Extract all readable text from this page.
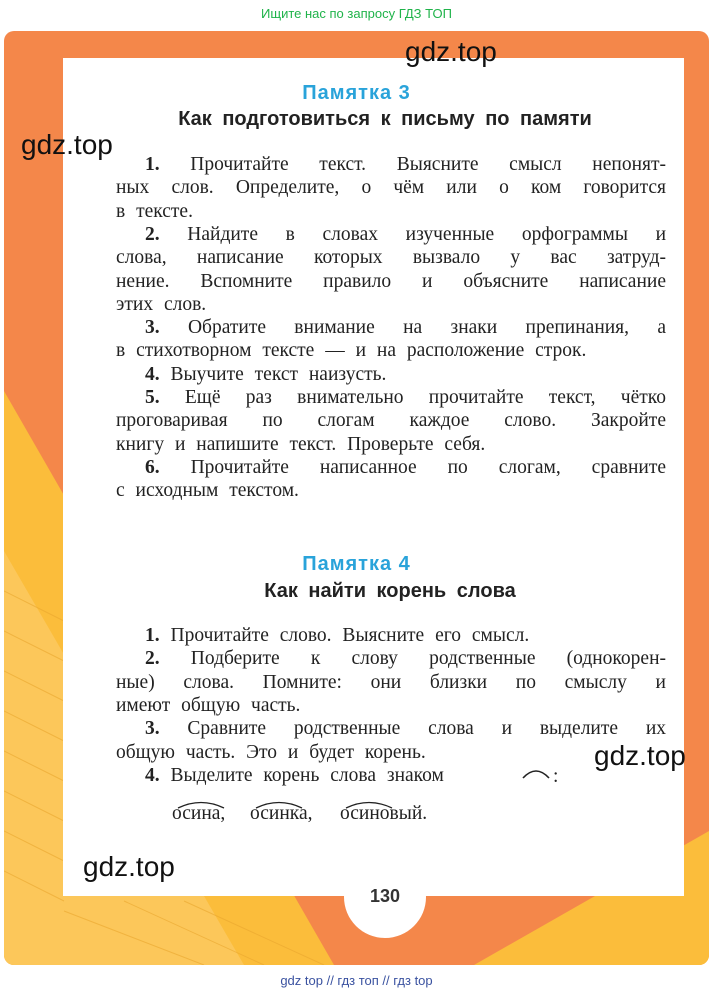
Ищите нас по запросу ГДЗ ТОП
130
Памятка 3
Как подготовиться к письму по памяти
1. Прочитайте текст. Выясните смысл непонят-
ных слов. Определите, о чём или о ком говорится
в тексте.
2. Найдите в словах изученные орфограммы и
слова, написание которых вызвало у вас затруд-
нение. Вспомните правило и объясните написание
этих слов.
3. Обратите внимание на знаки препинания, а
в стихотворном тексте — и на расположение строк.
4. Выучите текст наизусть.
5. Ещё раз внимательно прочитайте текст, чётко
проговаривая по слогам каждое слово. Закройте
книгу и напишите текст. Проверьте себя.
6. Прочитайте написанное по слогам, сравните
с исходным текстом.
Памятка 4
Как найти корень слова
1. Прочитайте слово. Выясните его смысл.
2. Подберите к слову родственные (однокорен-
ные) слова. Помните: они близки по смыслу и
имеют общую часть.
3. Сравните родственные слова и выделите их
общую часть. Это и будет корень.
4. Выделите корень слова знаком	:
осина, осинка, осиновый.
gdz.top
gdz.top
gdz.top
gdz.top
gdz top // гдз топ // гдз top
